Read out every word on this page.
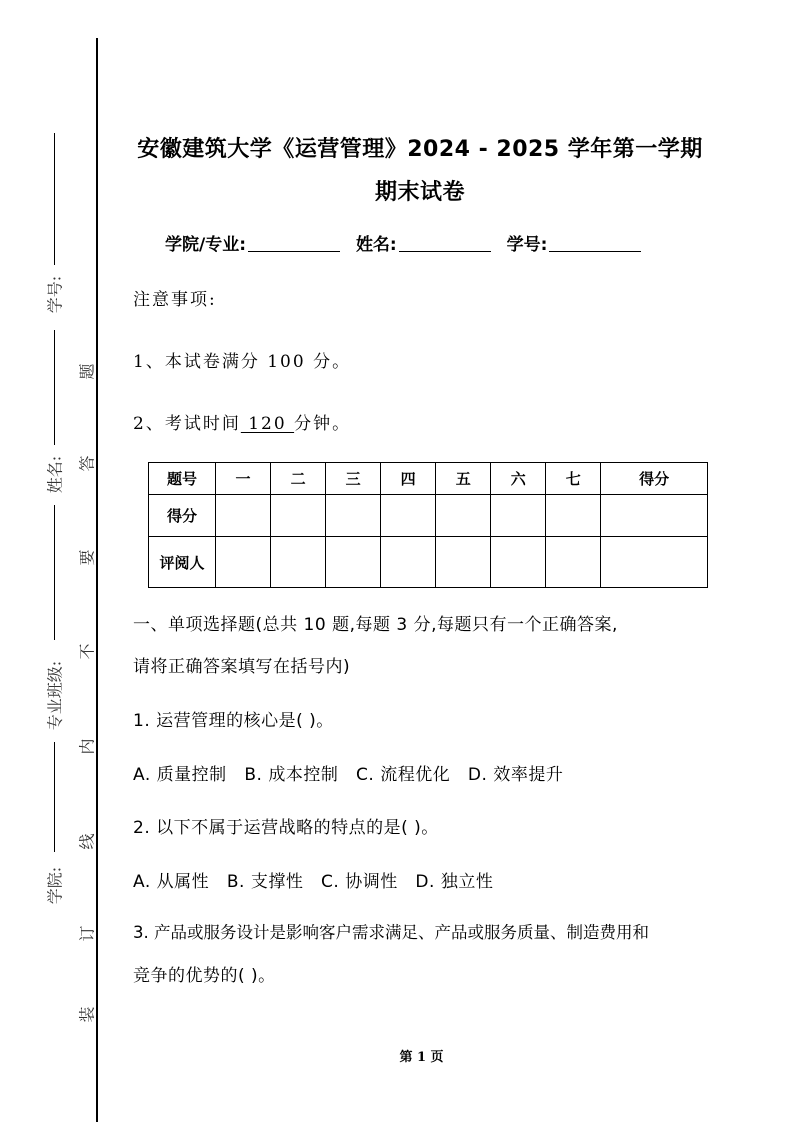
学号:
姓名:
专业班级:
学院:
题
答
要
不
内
线
订
装
安徽建筑大学《运营管理》2024 - 2025 学年第一学期
期末试卷
学院/专业:	姓名:	学号:
注意事项:
1、本试卷满分 100 分。
2、考试时间 120 分钟。
题号	一	二	三	四	五	六	七	得分
得分								
评阅人								
一、单项选择题(总共 10 题,每题 3 分,每题只有一个正确答案,
请将正确答案填写在括号内)
1. 运营管理的核心是( )。
A. 质量控制   B. 成本控制   C. 流程优化   D. 效率提升
2. 以下不属于运营战略的特点的是( )。
A. 从属性   B. 支撑性   C. 协调性   D. 独立性
3. 产品或服务设计是影响客户需求满足、产品或服务质量、制造费用和
竞争的优势的( )。
第 1 页
